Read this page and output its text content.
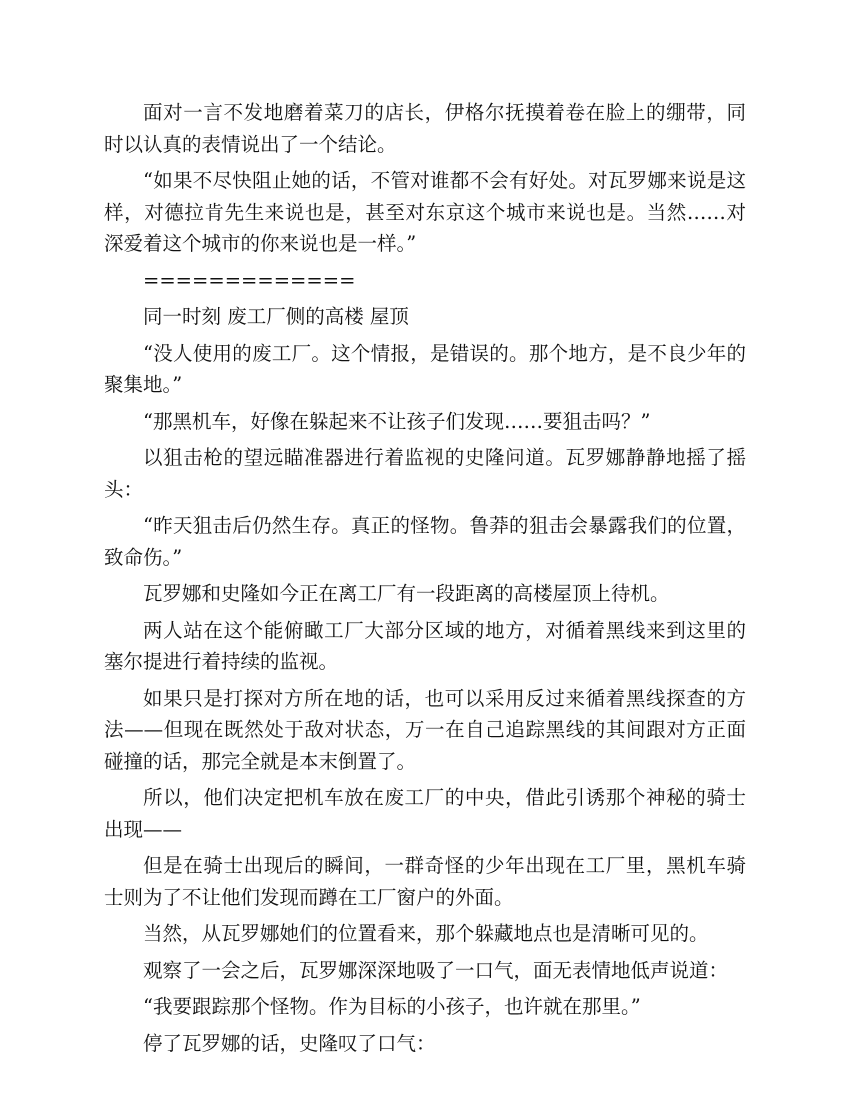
面对一言不发地磨着菜刀的店长，伊格尔抚摸着卷在脸上的绷带，同时以认真的表情说出了一个结论。

“如果不尽快阻止她的话，不管对谁都不会有好处。对瓦罗娜来说是这样，对德拉肯先生来说也是，甚至对东京这个城市来说也是。当然……对深爱着这个城市的你来说也是一样。”

=============

同一时刻 废工厂侧的高楼 屋顶

“没人使用的废工厂。这个情报，是错误的。那个地方，是不良少年的聚集地。”

“那黑机车，好像在躲起来不让孩子们发现……要狙击吗？”

以狙击枪的望远瞄准器进行着监视的史隆问道。瓦罗娜静静地摇了摇头：

“昨天狙击后仍然生存。真正的怪物。鲁莽的狙击会暴露我们的位置，致命伤。”

瓦罗娜和史隆如今正在离工厂有一段距离的高楼屋顶上待机。

两人站在这个能俯瞰工厂大部分区域的地方，对循着黑线来到这里的塞尔提进行着持续的监视。

如果只是打探对方所在地的话，也可以采用反过来循着黑线探查的方法——但现在既然处于敌对状态，万一在自己追踪黑线的其间跟对方正面碰撞的话，那完全就是本末倒置了。

所以，他们决定把机车放在废工厂的中央，借此引诱那个神秘的骑士出现——

但是在骑士出现后的瞬间，一群奇怪的少年出现在工厂里，黑机车骑士则为了不让他们发现而蹲在工厂窗户的外面。

当然，从瓦罗娜她们的位置看来，那个躲藏地点也是清晰可见的。

观察了一会之后，瓦罗娜深深地吸了一口气，面无表情地低声说道：

“我要跟踪那个怪物。作为目标的小孩子，也许就在那里。”

停了瓦罗娜的话，史隆叹了口气：
